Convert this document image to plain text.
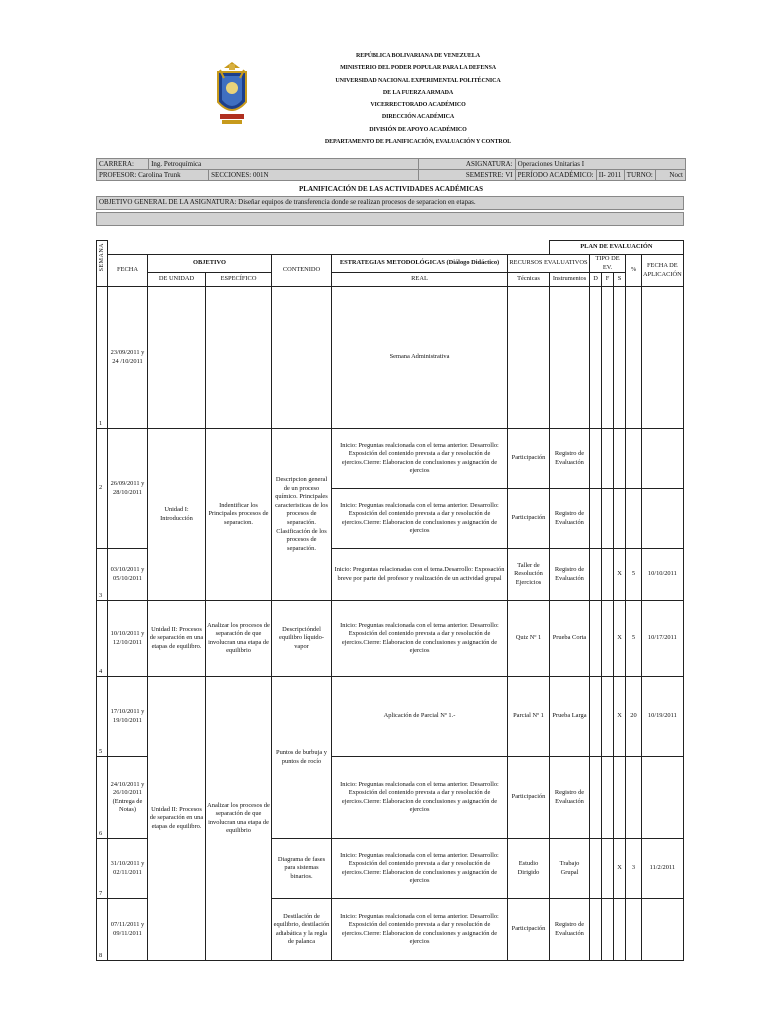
REPÚBLICA BOLIVARIANA DE VENEZUELA
MINISTERIO DEL PODER POPULAR PARA LA DEFENSA
UNIVERSIDAD NACIONAL EXPERIMENTAL POLITÉCNICA
DE LA FUERZA ARMADA
VICERRECTORADO ACADÉMICO
DIRECCIÓN ACADÉMICA
DIVISIÓN DE APOYO ACADÉMICO
DEPARTAMENTO DE PLANIFICACIÓN, EVALUACIÓN Y CONTROL
CARRERA:	Ing. Petroquímica		ASIGNATURA:	Operaciones Unitarias I			
PROFESOR: Carolina Trunk		SECCIONES: 001N	SEMESTRE: VI	PERÍODO ACADÉMICO:	II- 2011	TURNO:	Noct
PLANIFICACIÓN DE LAS ACTIVIDADES ACADÉMICAS
OBJETIVO GENERAL DE LA ASIGNATURA: Diseñar equipos de transferencia donde se realizan procesos de separacion en etapas.
SEMANA							PLAN DE EVALUACIÓN					
	FECHA	OBJETIVO		CONTENIDO	ESTRATEGIAS METODOLÓGICAS (Diálogo Didáctico)	RECURSOS EVALUATIVOS		TIPO DE EV.			%	FECHA DE APLICACIÓN
		DE UNIDAD	ESPECÍFICO		REAL	Técnicas	Instrumentos	D	F	S		
1	23/09/2011 y 24 /10/2011				Semana Administrativa							
2	26/09/2011 y 28/10/2011	Unidad I: Introducción	Indentificar los Principales procesos de separacion.	Descripcion general de un proceso químico. Principales caracteristicas de los procesos de separación. Clasificación de los procesos de separación.	Inicio: Preguntas realcionada con el tema anterior. Desarrollo: Exposición del contenido prevısta a dar y resolución de ejercios.Cierre: Elaboracion de conclusiones y asignación de ejercios	Participación	Registro de Evaluación					
					Inicio: Preguntas realcionada con el tema anterior. Desarrollo: Exposición del contenido prevısta a dar y resolución de ejercios.Cierre: Elaboracion de conclusiones y asignación de ejercios	Participación	Registro de Evaluación					
3	03/10/2011 y 05/10/2011				Inicio: Preguntas relacionadas con el tema.Desarrollo: Exposación breve por parte del profesor y realización de un actividad grupal	Taller de Resolución Ejercicios	Registro de Evaluación			X	5	10/10/2011
4	10/10/2011 y 12/10/2011	Unidad II: Procesos de separación en una etapas de equilibro.	Analizar los procesos de separación de que involucran una etapa de equilibrio	Descripcióndel equilibro líquido- vapor	Inicio: Preguntas realcionada con el tema anterior. Desarrollo: Exposición del contenido prevısta a dar y resolución de ejercios.Cierre: Elaboracion de conclusiones y asignación de ejercios	Quiz Nº 1	Prueba Corta			X	5	10/17/2011
5	17/10/2011 y 19/10/2011	Unidad II: Procesos de separación en una etapas de equilibro.	Analizar los procesos de separación de que involucran una etapa de equilibrio	Puntos de burbuja y puntos de rocío	Aplicación de Parcial Nº 1.-	Parcial Nº 1	Prueba Larga			X	20	10/19/2011
6	24/10/2011 y 26/10/2011 (Entrega de Notas)				Inicio: Preguntas realcionada con el tema anterior. Desarrollo: Exposición del contenido prevısta a dar y resolución de ejercios.Cierre: Elaboracion de conclusiones y asignación de ejercios	Participación	Registro de Evaluación					
7	31/10/2011 y 02/11/2011			Diagrama de fases para sistemas binarios.	Inicio: Preguntas realcionada con el tema anterior. Desarrollo: Exposición del contenido prevısta a dar y resolución de ejercios.Cierre: Elaboracion de conclusiones y asignación de ejercios	Estudio Dirigido	Trabajo Grupal			X	3	11/2/2011
8	07/11/2011 y 09/11/2011			Destilación de equilibrio, destilación adiabática y la regla de palanca	Inicio: Preguntas realcionada con el tema anterior. Desarrollo: Exposición del contenido prevısta a dar y resolución de ejercios.Cierre: Elaboracion de conclusiones y asignación de ejercios	Participación	Registro de Evaluación					
